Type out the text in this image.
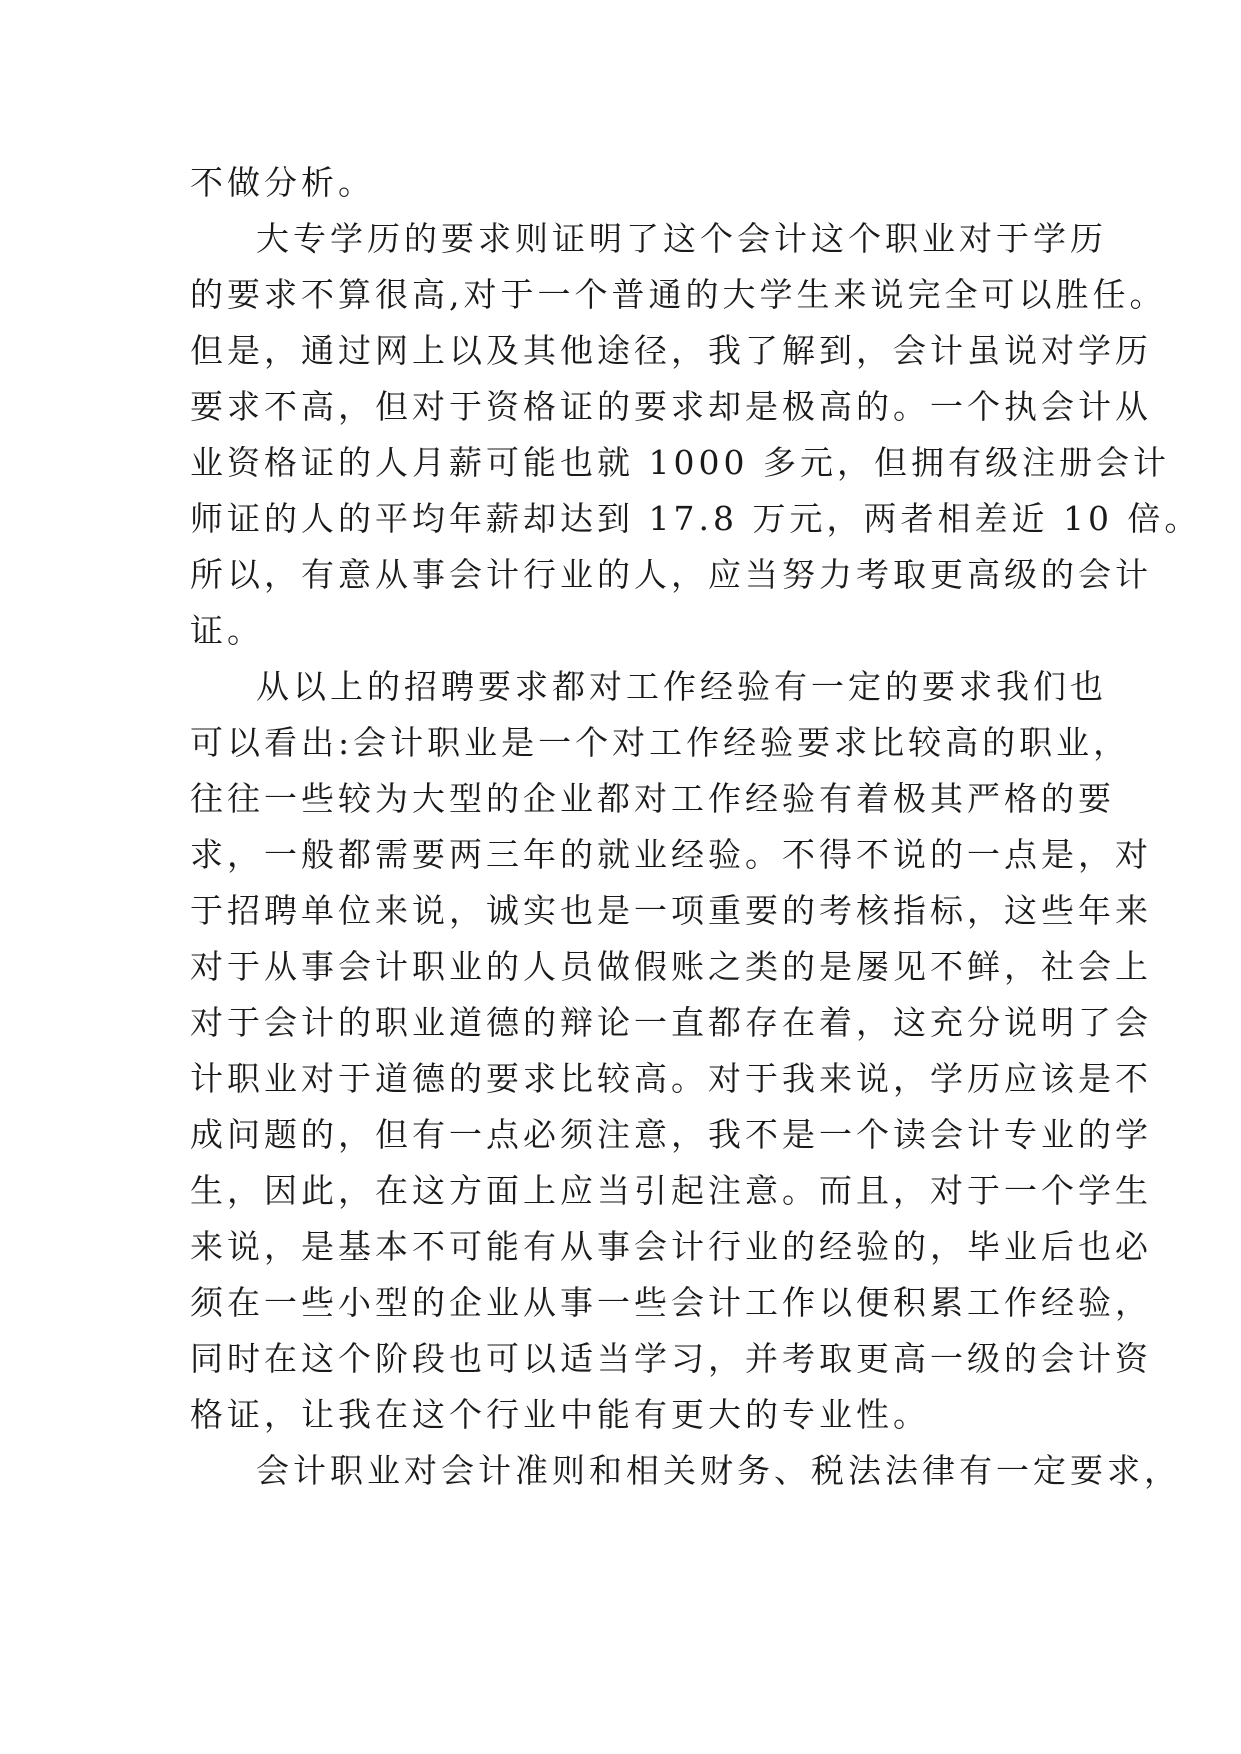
不做分析。
大专学历的要求则证明了这个会计这个职业对于学历
的要求不算很高,对于一个普通的大学生来说完全可以胜任。
但是，通过网上以及其他途径，我了解到，会计虽说对学历
要求不高，但对于资格证的要求却是极高的。一个执会计从
业资格证的人月薪可能也就 1000 多元，但拥有级注册会计
师证的人的平均年薪却达到 17.8 万元，两者相差近 10 倍。
所以，有意从事会计行业的人，应当努力考取更高级的会计
证。
从以上的招聘要求都对工作经验有一定的要求我们也
可以看出:会计职业是一个对工作经验要求比较高的职业，
往往一些较为大型的企业都对工作经验有着极其严格的要
求，一般都需要两三年的就业经验。不得不说的一点是，对
于招聘单位来说，诚实也是一项重要的考核指标，这些年来
对于从事会计职业的人员做假账之类的是屡见不鲜，社会上
对于会计的职业道德的辩论一直都存在着，这充分说明了会
计职业对于道德的要求比较高。对于我来说，学历应该是不
成问题的，但有一点必须注意，我不是一个读会计专业的学
生，因此，在这方面上应当引起注意。而且，对于一个学生
来说，是基本不可能有从事会计行业的经验的，毕业后也必
须在一些小型的企业从事一些会计工作以便积累工作经验，
同时在这个阶段也可以适当学习，并考取更高一级的会计资
格证，让我在这个行业中能有更大的专业性。
会计职业对会计准则和相关财务、税法法律有一定要求，
